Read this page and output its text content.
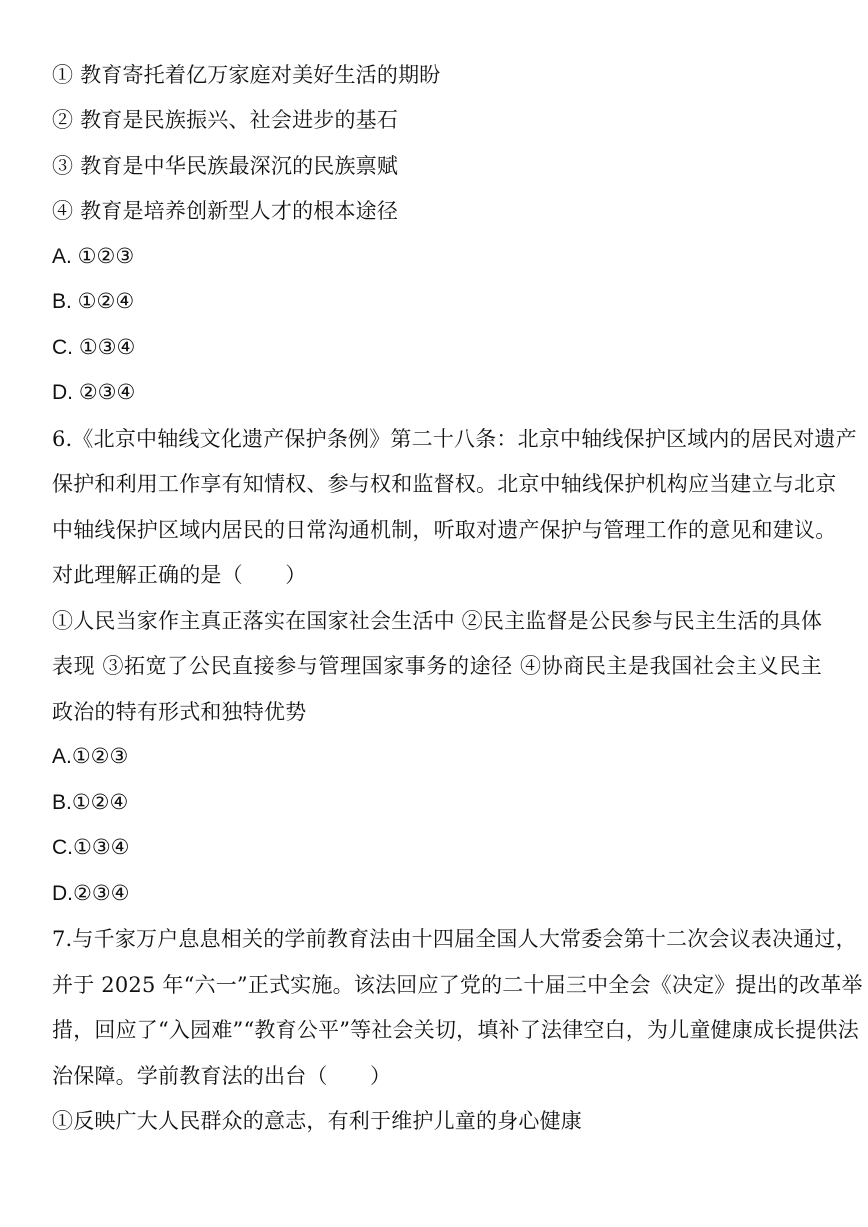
① 教育寄托着亿万家庭对美好生活的期盼
② 教育是民族振兴、社会进步的基石
③ 教育是中华民族最深沉的民族禀赋
④ 教育是培养创新型人才的根本途径
A. ①②③
B. ①②④
C. ①③④
D. ②③④
6.《北京中轴线文化遗产保护条例》第二十八条：北京中轴线保护区域内的居民对遗产
保护和利用工作享有知情权、参与权和监督权。北京中轴线保护机构应当建立与北京
中轴线保护区域内居民的日常沟通机制，听取对遗产保护与管理工作的意见和建议。
对此理解正确的是（　　）
①人民当家作主真正落实在国家社会生活中 ②民主监督是公民参与民主生活的具体
表现 ③拓宽了公民直接参与管理国家事务的途径 ④协商民主是我国社会主义民主
政治的特有形式和独特优势
A.①②③
B.①②④
C.①③④
D.②③④
7.与千家万户息息相关的学前教育法由十四届全国人大常委会第十二次会议表决通过，
并于 2025 年“六一”正式实施。该法回应了党的二十届三中全会《决定》提出的改革举
措，回应了“入园难”“教育公平”等社会关切，填补了法律空白，为儿童健康成长提供法
治保障。学前教育法的出台（　　）
①反映广大人民群众的意志，有利于维护儿童的身心健康
